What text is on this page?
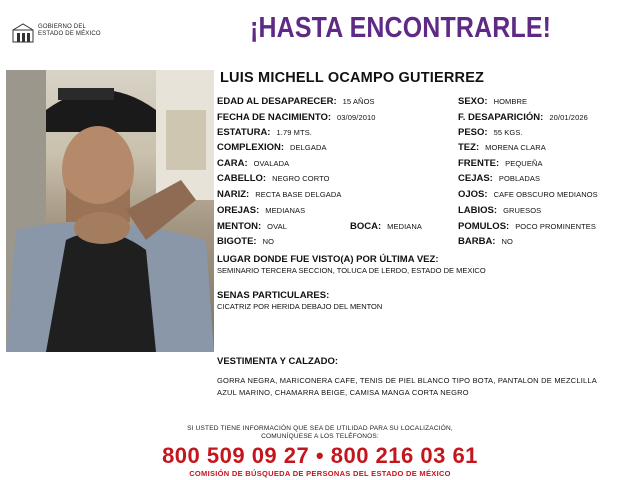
GOBIERNO DEL
ESTADO DE MÉXICO	¡HASTA ENCONTRARLE!
LUIS MICHELL OCAMPO GUTIERREZ
EDAD AL DESAPARECER: 15 AÑOS
FECHA DE NACIMIENTO: 03/09/2010
ESTATURA: 1.79 MTS.
COMPLEXION: DELGADA
CARA: OVALADA
CABELLO: NEGRO CORTO
NARIZ: RECTA BASE DELGADA
OREJAS: MEDIANAS
MENTON: OVAL	BOCA: MEDIANA
BIGOTE: NO
SEXO: HOMBRE
F. DESAPARICIÓN: 20/01/2026
PESO: 55 KGS.
TEZ: MORENA CLARA
FRENTE: PEQUEÑA
CEJAS: POBLADAS
OJOS: CAFE OBSCURO MEDIANOS
LABIOS: GRUESOS
POMULOS: POCO PROMINENTES
BARBA: NO
LUGAR DONDE FUE VISTO(A) POR ÚLTIMA VEZ:
SEMINARIO TERCERA SECCION, TOLUCA DE LERDO, ESTADO DE MEXICO
SENAS PARTICULARES:
CICATRIZ POR HERIDA DEBAJO DEL MENTON
VESTIMENTA Y CALZADO:
GORRA NEGRA, MARICONERA CAFE, TENIS DE PIEL BLANCO TIPO BOTA, PANTALON DE MEZCLILLA AZUL MARINO, CHAMARRA BEIGE, CAMISA MANGA CORTA NEGRO
SI USTED TIENE INFORMACIÓN QUE SEA DE UTILIDAD PARA SU LOCALIZACIÓN,
COMUNÍQUESE A LOS TELÉFONOS:
800 509 09 27 • 800 216 03 61
COMISIÓN DE BÚSQUEDA DE PERSONAS DEL ESTADO DE MÉXICO
